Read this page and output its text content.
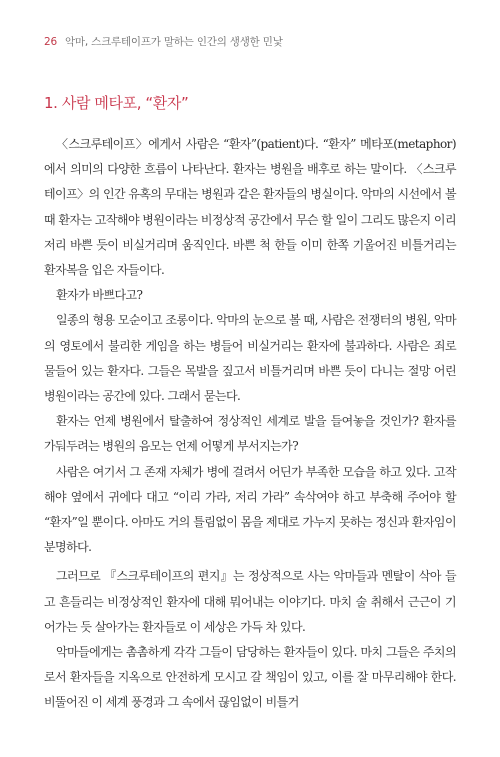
26 악마, 스크루테이프가 말하는 인간의 생생한 민낯
1. 사람 메타포, “환자”

〈스크루테이프〉에게서 사람은 “환자”(patient)다. “환자” 메타포(metaphor)에서 의미의 다양한 흐름이 나타난다. 환자는 병원을 배후로 하는 말이다. 〈스크루테이프〉의 인간 유혹의 무대는 병원과 같은 환자들의 병실이다. 악마의 시선에서 볼 때 환자는 고작해야 병원이라는 비정상적 공간에서 무슨 할 일이 그리도 많은지 이리저리 바쁜 듯이 비실거리며 움직인다. 바쁜 척 한들 이미 한쪽 기울어진 비틀거리는 환자복을 입은 자들이다.

환자가 바쁘다고?

일종의 형용 모순이고 조롱이다. 악마의 눈으로 볼 때, 사람은 전쟁터의 병원, 악마의 영토에서 불리한 게임을 하는 병들어 비실거리는 환자에 불과하다. 사람은 죄로 물들어 있는 환자다. 그들은 목발을 짚고서 비틀거리며 바쁜 듯이 다니는 절망 어린 병원이라는 공간에 있다. 그래서 묻는다.

환자는 언제 병원에서 탈출하여 정상적인 세계로 발을 들여놓을 것인가? 환자를 가둬두려는 병원의 음모는 언제 어떻게 부서지는가?

사람은 여기서 그 존재 자체가 병에 걸려서 어딘가 부족한 모습을 하고 있다. 고작해야 옆에서 귀에다 대고 “이리 가라, 저리 가라” 속삭여야 하고 부축해 주어야 할 “환자”일 뿐이다. 아마도 거의 틀림없이 몸을 제대로 가누지 못하는 정신과 환자임이 분명하다.

그러므로 『스크루테이프의 편지』는 정상적으로 사는 악마들과 멘탈이 삭아 들고 흔들리는 비정상적인 환자에 대해 뭐어내는 이야기다. 마치 술 취해서 근근이 기어가는 듯 살아가는 환자들로 이 세상은 가득 차 있다.

악마들에게는 촘촘하게 각각 그들이 담당하는 환자들이 있다. 마치 그들은 주치의로서 환자들을 지옥으로 안전하게 모시고 갈 책임이 있고, 이를 잘 마무리해야 한다. 비뚤어진 이 세계 풍경과 그 속에서 끊임없이 비틀거
